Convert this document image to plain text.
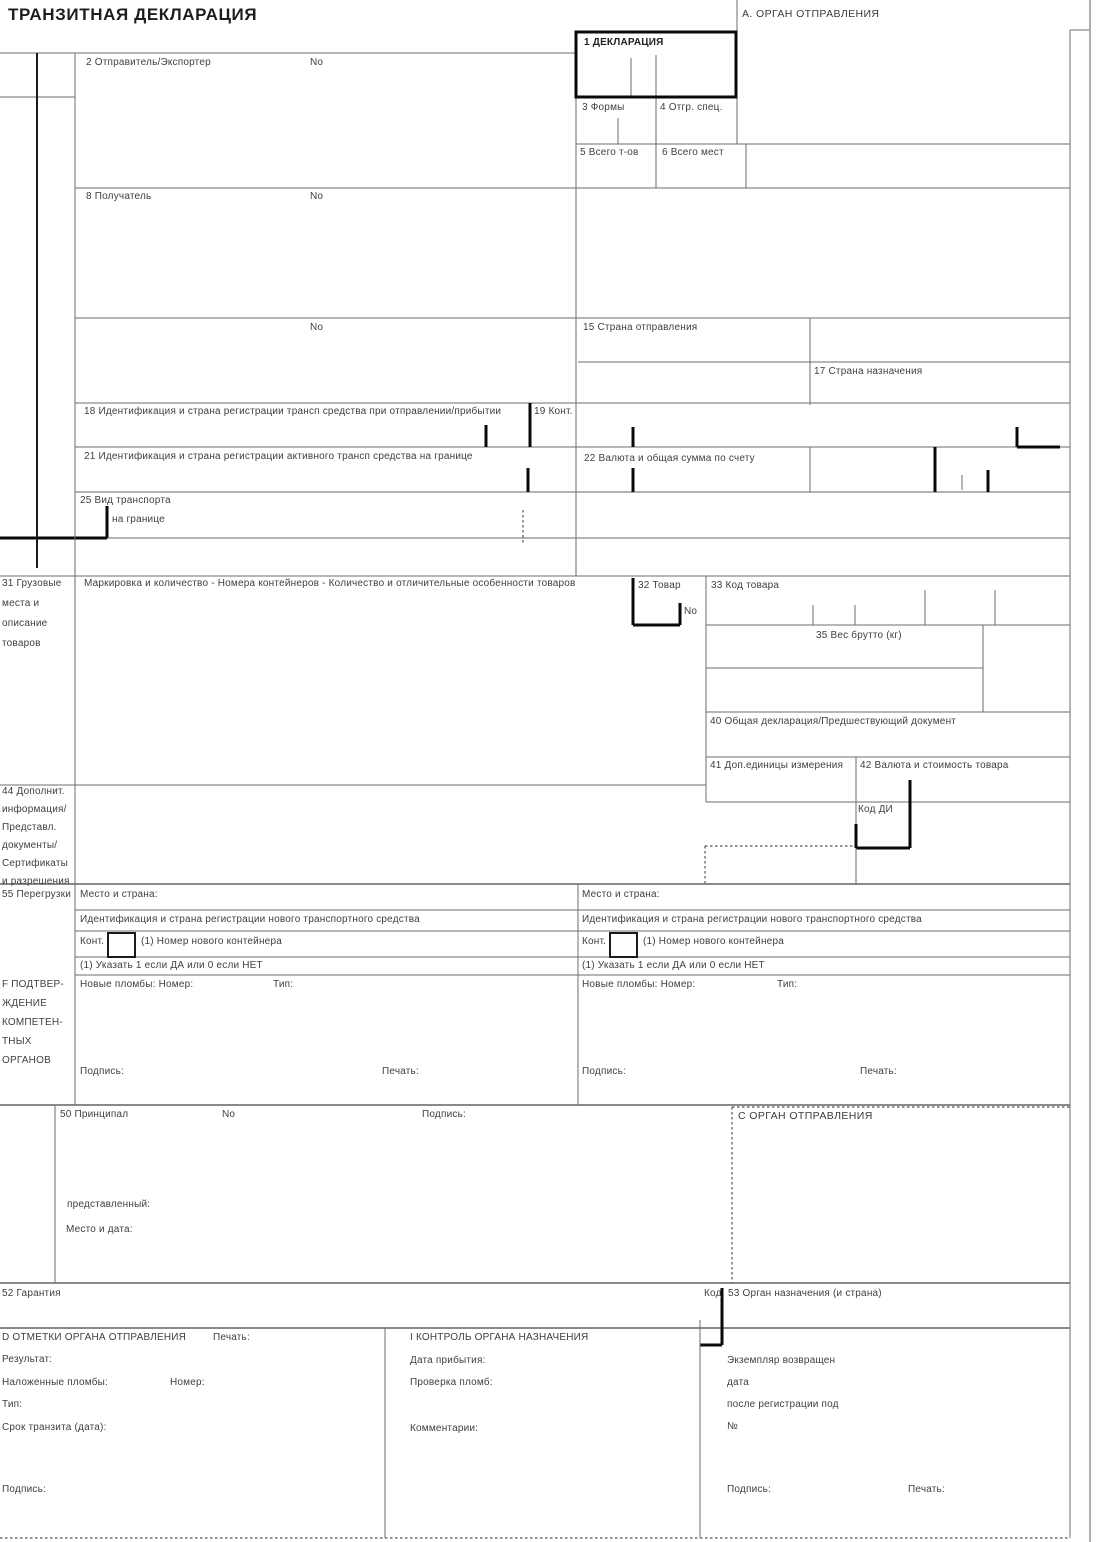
ТРАНЗИТНАЯ ДЕКЛАРАЦИЯ	A. ОРГАН ОТПРАВЛЕНИЯ
1 ДЕКЛАРАЦИЯ
2 Отправитель/Экспортер	No
3 Формы	4 Отгр. спец.
5 Всего т-ов 6 Всего мест
8 Получатель	No
No	15 Страна отправления
17 Страна назначения
18 Идентификация и страна регистрации трансп средства при отправлении/прибытии	19 Конт.
21 Идентификация и страна регистрации активного трансп средства на границе	22 Валюта и общая сумма по счету
25 Вид транспорта
на границе
31 Грузовые
места и
описание
товаров
Маркировка и количество - Номера контейнеров - Количество и отличительные особенности товаров	32 Товар
No
33 Код товара
35 Вес брутто (кг)
40 Общая декларация/Предшествующий документ
41 Доп.единицы измерения 42 Валюта и стоимость товара
Код ДИ
44 Дополнит.
информация/
Представл.
документы/
Сертификаты
и разрешения
55 Перегрузки Место и страна:	Место и страна:
Идентификация и страна регистрации нового транспортного средства	Идентификация и страна регистрации нового транспортного средства
Конт.	Конт.
(1) Номер нового контейнера	(1) Номер нового контейнера
(1) Указать 1 если ДА или 0 если НЕТ	(1) Указать 1 если ДА или 0 если НЕТ
F ПОДТВЕР-
ЖДЕНИЕ
КОМПЕТЕН-
ТНЫХ
ОРГАНОВ
Новые пломбы: Номер:	Тип:	Новые пломбы: Номер:	Тип:
Подпись:	Печать:	Подпись:	Печать:
50 Принципал	No	Подпись:
представленный:
Место и дата:
C ОРГАН ОТПРАВЛЕНИЯ
52 Гарантия	Код 53 Орган назначения (и страна)
D ОТМЕТКИ ОРГАНА ОТПРАВЛЕНИЯ	Печать:
Результат:
Наложенные пломбы:	Номер:
Тип:
Срок транзита (дата):
Подпись:
I КОНТРОЛЬ ОРГАНА НАЗНАЧЕНИЯ
Дата прибытия:
Проверка пломб:
Комментарии:
Экземпляр возвращен
дата
после регистрации под
№
Подпись:	Печать:
